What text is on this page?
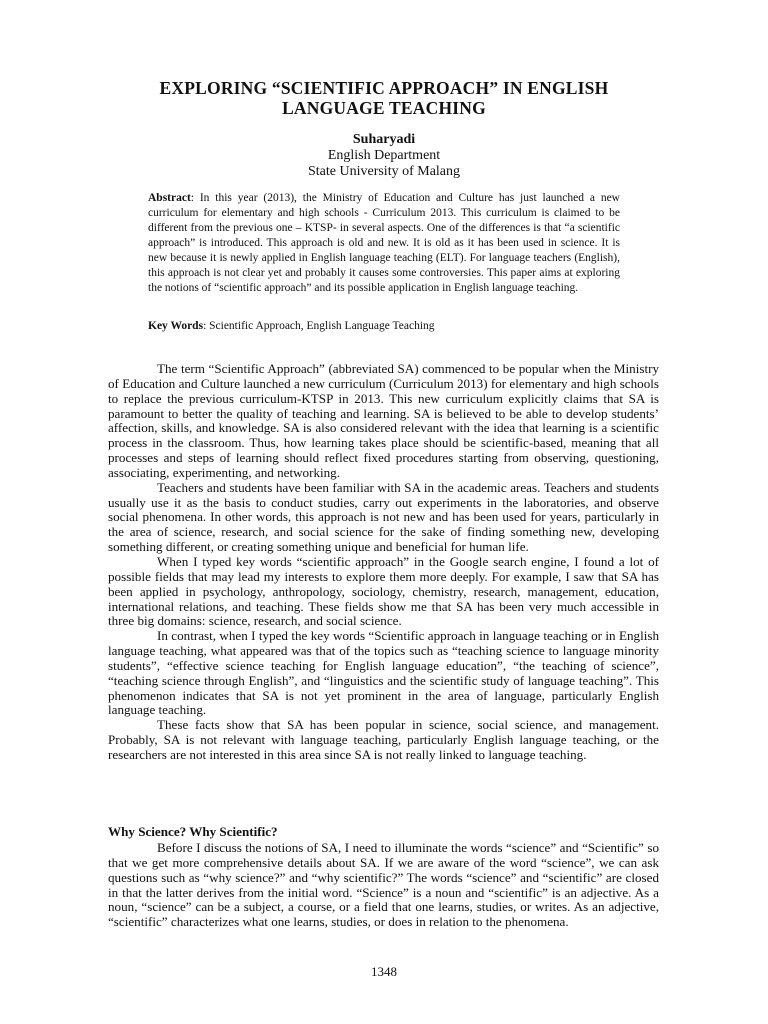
EXPLORING “SCIENTIFIC APPROACH” IN ENGLISH
LANGUAGE TEACHING
Suharyadi
English Department
State University of Malang
Abstract: In this year (2013), the Ministry of Education and Culture has just launched a new curriculum for elementary and high schools - Curriculum 2013. This curriculum is claimed to be different from the previous one – KTSP- in several aspects. One of the differences is that “a scientific approach” is introduced. This approach is old and new. It is old as it has been used in science. It is new because it is newly applied in English language teaching (ELT). For language teachers (English), this approach is not clear yet and probably it causes some controversies. This paper aims at exploring the notions of “scientific approach” and its possible application in English language teaching.
Key Words: Scientific Approach, English Language Teaching

The term “Scientific Approach” (abbreviated SA) commenced to be popular when the Ministry of Education and Culture launched a new curriculum (Curriculum 2013) for elementary and high schools to replace the previous curriculum-KTSP in 2013. This new curriculum explicitly claims that SA is paramount to better the quality of teaching and learning. SA is believed to be able to develop students’ affection, skills, and knowledge. SA is also considered relevant with the idea that learning is a scientific process in the classroom. Thus, how learning takes place should be scientific-based, meaning that all processes and steps of learning should reflect fixed procedures starting from observing, questioning, associating, experimenting, and networking.

Teachers and students have been familiar with SA in the academic areas. Teachers and students usually use it as the basis to conduct studies, carry out experiments in the laboratories, and observe social phenomena. In other words, this approach is not new and has been used for years, particularly in the area of science, research, and social science for the sake of finding something new, developing something different, or creating something unique and beneficial for human life.

When I typed key words “scientific approach” in the Google search engine, I found a lot of possible fields that may lead my interests to explore them more deeply. For example, I saw that SA has been applied in psychology, anthropology, sociology, chemistry, research, management, education, international relations, and teaching. These fields show me that SA has been very much accessible in three big domains: science, research, and social science.

In contrast, when I typed the key words “Scientific approach in language teaching or in English language teaching, what appeared was that of the topics such as “teaching science to language minority students”, “effective science teaching for English language education”, “the teaching of science”, “teaching science through English”, and “linguistics and the scientific study of language teaching”. This phenomenon indicates that SA is not yet prominent in the area of language, particularly English language teaching.

These facts show that SA has been popular in science, social science, and management. Probably, SA is not relevant with language teaching, particularly English language teaching, or the researchers are not interested in this area since SA is not really linked to language teaching.

Why Science? Why Scientific?

Before I discuss the notions of SA, I need to illuminate the words “science” and “Scientific” so that we get more comprehensive details about SA. If we are aware of the word “science”, we can ask questions such as “why science?” and “why scientific?” The words “science” and “scientific” are closed in that the latter derives from the initial word. “Science” is a noun and “scientific” is an adjective. As a noun, “science” can be a subject, a course, or a field that one learns, studies, or writes. As an adjective, “scientific” characterizes what one learns, studies, or does in relation to the phenomena.

1348
